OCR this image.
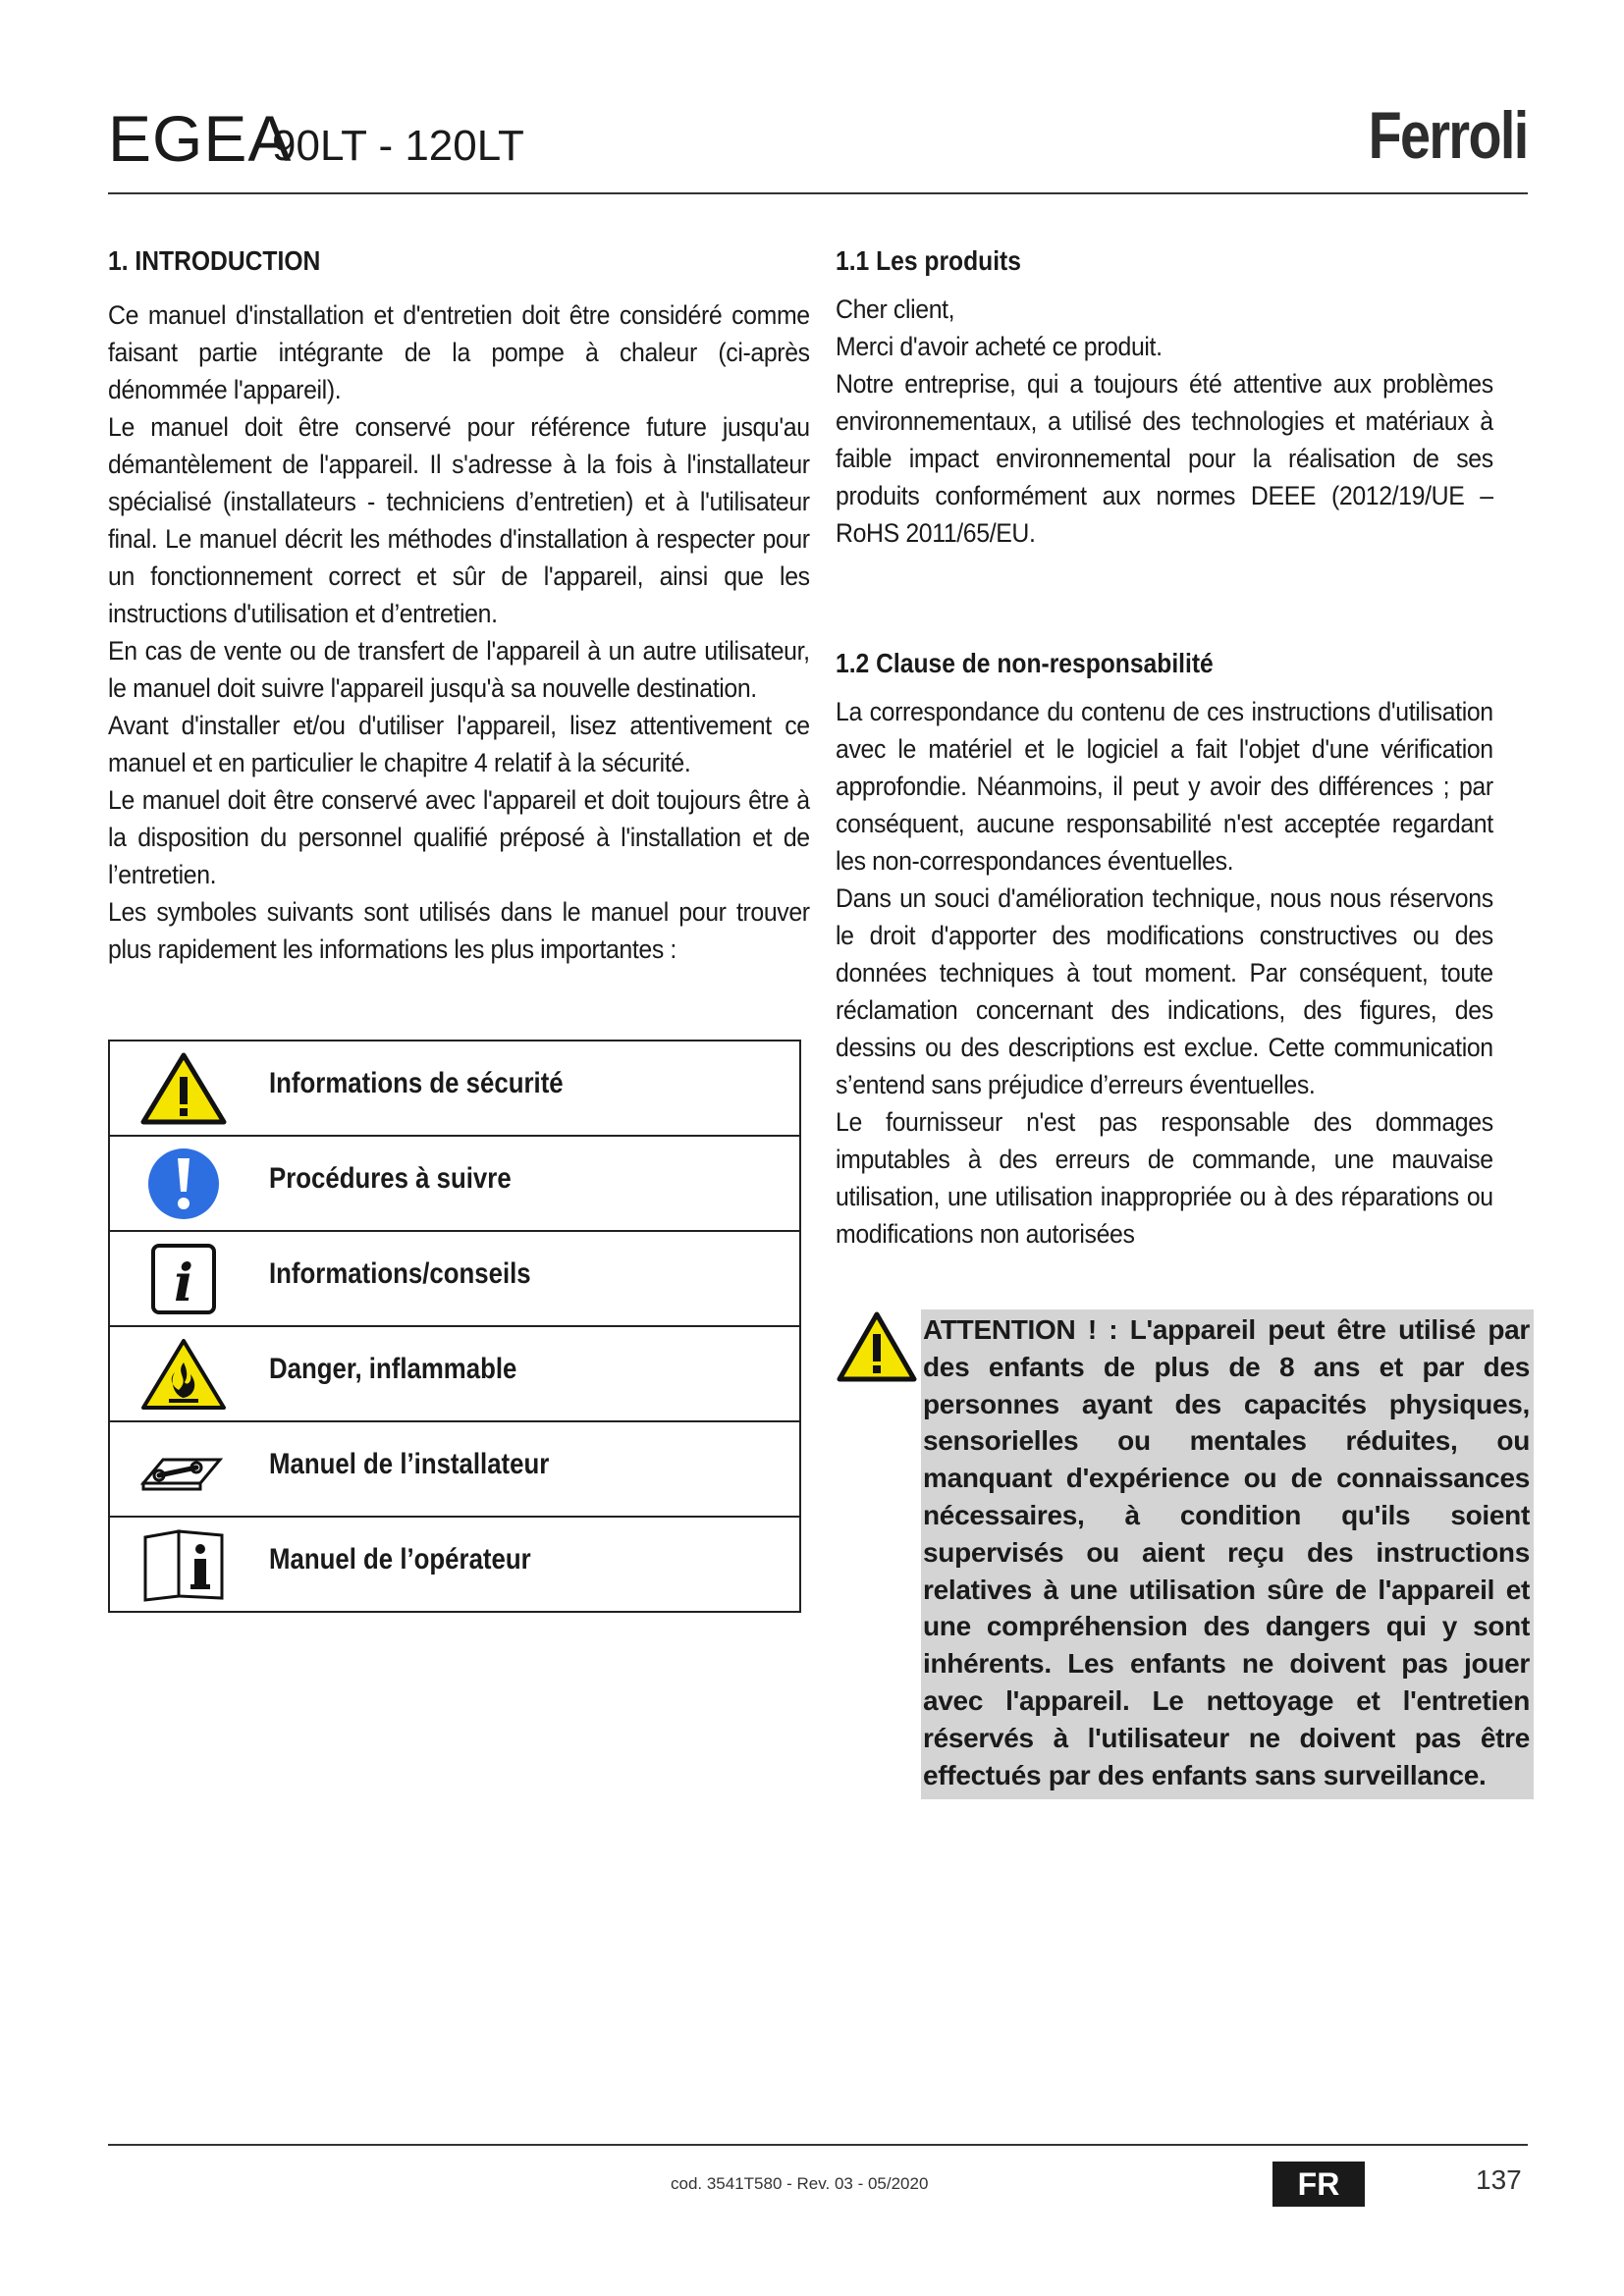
EGEA
90LT - 120LT	Ferroli
1. INTRODUCTION

Ce manuel d'installation et d'entretien doit être considéré comme faisant partie intégrante de la pompe à chaleur (ci-après dénommée l'appareil).

Le manuel doit être conservé pour référence future jusqu'au démantèlement de l'appareil. Il s'adresse à la fois à l'installateur spécialisé (installateurs - techniciens d’entretien) et à l'utilisateur final. Le manuel décrit les méthodes d'installation à respecter pour un fonctionnement correct et sûr de l'appareil, ainsi que les instructions d'utilisation et d’entretien.

En cas de vente ou de transfert de l'appareil à un autre utilisateur, le manuel doit suivre l'appareil jusqu'à sa nouvelle destination.

Avant d'installer et/ou d'utiliser l'appareil, lisez attentivement ce manuel et en particulier le chapitre 4 relatif à la sécurité.

Le manuel doit être conservé avec l'appareil et doit toujours être à la disposition du personnel qualifié préposé à l'installation et de l’entretien.

Les symboles suivants sont utilisés dans le manuel pour trouver plus rapidement les informations les plus importantes :

Informations de sécurité
Procédures à suivre
i	Informations/conseils
Danger, inflammable
Manuel de l’installateur
Manuel de l’opérateur
1.1 Les produits

Cher client,

Merci d'avoir acheté ce produit.

Notre entreprise, qui a toujours été attentive aux problèmes environnementaux, a utilisé des technologies et matériaux à faible impact environnemental pour la réalisation de ses produits conformément aux normes DEEE (2012/19/UE – RoHS 2011/65/EU.

1.2 Clause de non-responsabilité

La correspondance du contenu de ces instructions d'utilisation avec le matériel et le logiciel a fait l'objet d'une vérification approfondie. Néanmoins, il peut y avoir des différences ; par conséquent, aucune responsabilité n'est acceptée regardant les non-correspondances éventuelles.

Dans un souci d'amélioration technique, nous nous réservons le droit d'apporter des modifications constructives ou des données techniques à tout moment. Par conséquent, toute réclamation concernant des indications, des figures, des dessins ou des descriptions est exclue. Cette communication s’entend sans préjudice d’erreurs éventuelles.

Le fournisseur n'est pas responsable des dommages imputables à des erreurs de commande, une mauvaise utilisation, une utilisation inappropriée ou à des réparations ou modifications non autorisées

ATTENTION ! : L'appareil peut être utilisé par des enfants de plus de 8 ans et par des personnes ayant des capacités physiques, sensorielles ou mentales réduites, ou manquant d'expérience ou de connaissances nécessaires, à condition qu'ils soient supervisés ou aient reçu des instructions relatives à une utilisation sûre de l'appareil et une compréhension des dangers qui y sont inhérents. Les enfants ne doivent pas jouer avec l'appareil. Le nettoyage et l'entretien réservés à l'utilisateur ne doivent pas être effectués par des enfants sans surveillance.

cod. 3541T580 - Rev. 03 - 05/2020	FR	137
